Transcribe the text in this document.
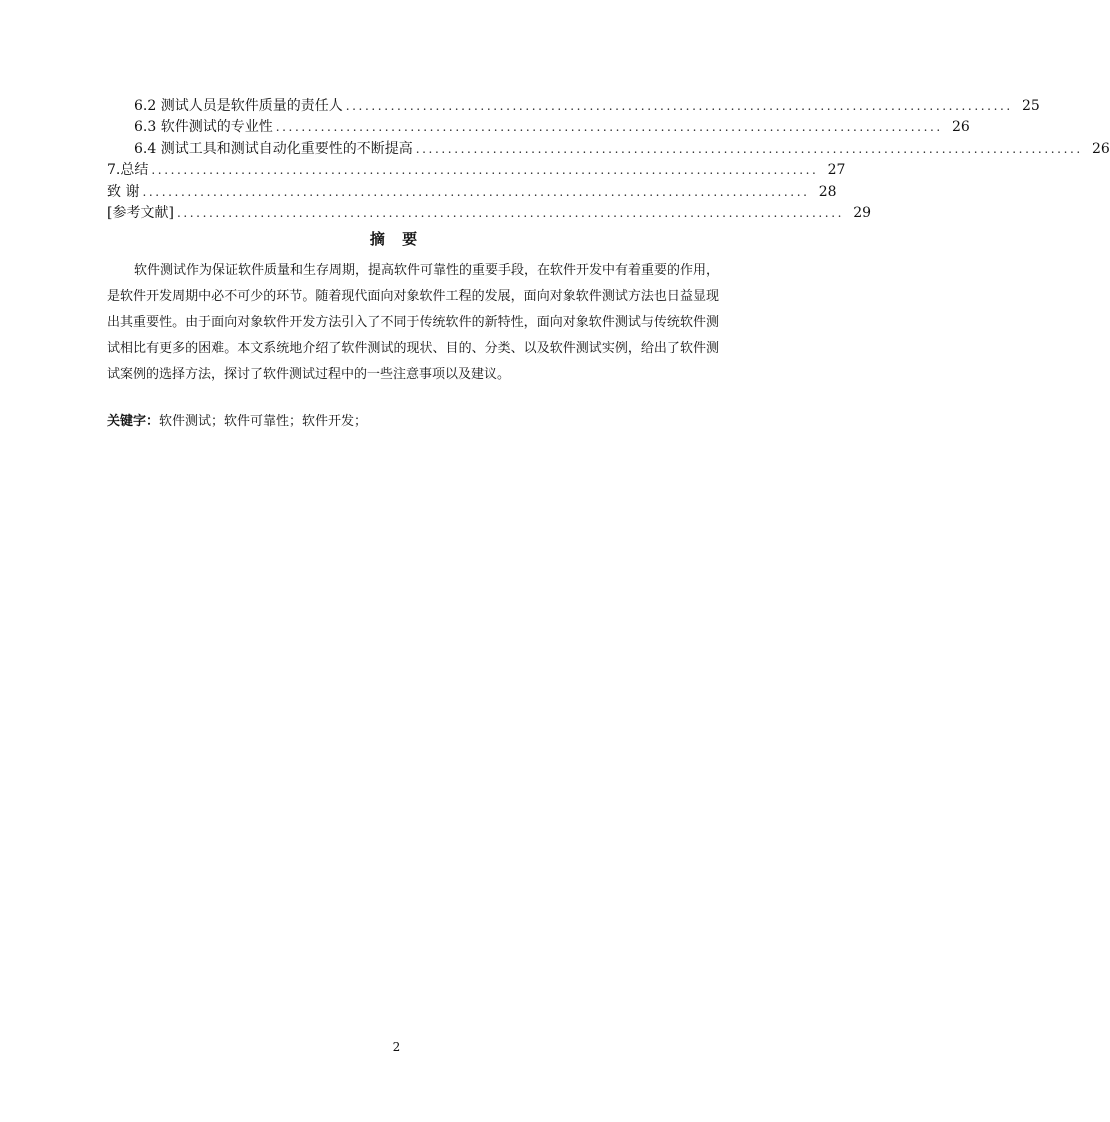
6.2 测试人员是软件质量的责任人 ........................................................................................................ 25
6.3 软件测试的专业性 ........................................................................................................ 26
6.4 测试工具和测试自动化重要性的不断提高 ........................................................................................................ 26
7.总结 ........................................................................................................ 27
致 谢 ........................................................................................................ 28
[参考文献] ........................................................................................................ 29
摘 要

软件测试作为保证软件质量和生存周期，提高软件可靠性的重要手段，在软件开发中有着重要的作用，是软件开发周期中必不可少的环节。随着现代面向对象软件工程的发展，面向对象软件测试方法也日益显现出其重要性。由于面向对象软件开发方法引入了不同于传统软件的新特性，面向对象软件测试与传统软件测试相比有更多的困难。本文系统地介绍了软件测试的现状、目的、分类、以及软件测试实例，给出了软件测试案例的选择方法，探讨了软件测试过程中的一些注意事项以及建议。

关键字：软件测试；软件可靠性；软件开发；
2
